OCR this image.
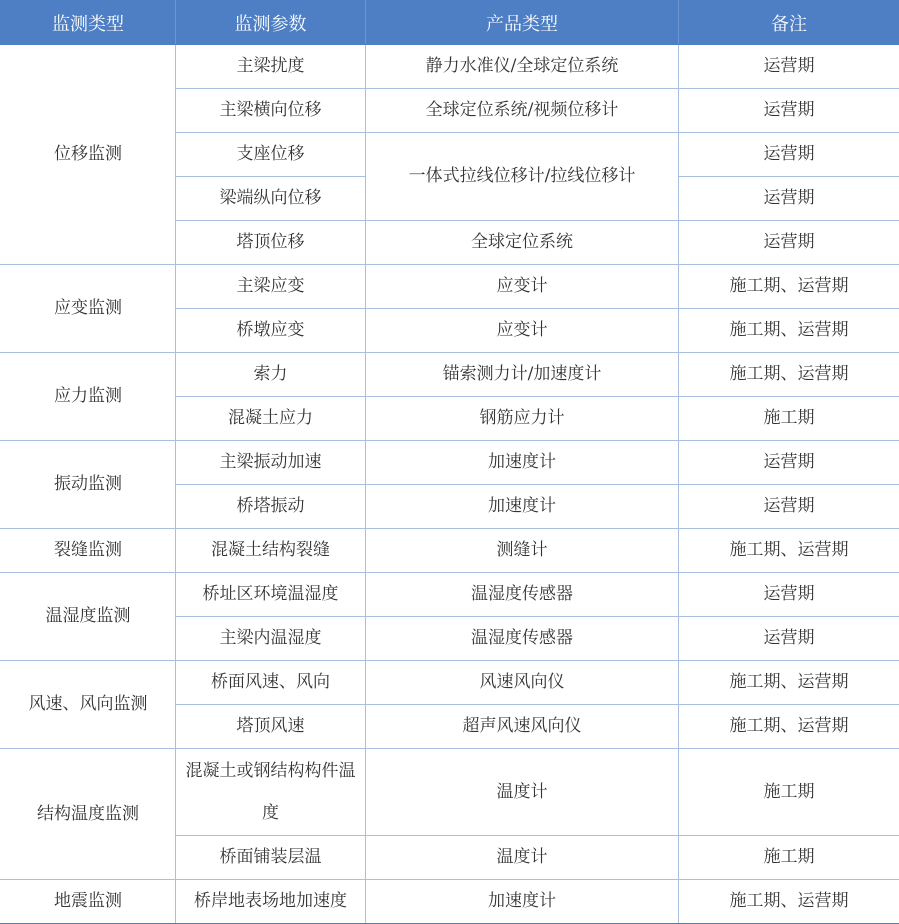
监测类型	监测参数	产品类型	备注
位移监测	主梁扰度	静力水准仪/全球定位系统	运营期
	主梁横向位移	全球定位系统/视频位移计	运营期
	支座位移	一体式拉线位移计/拉线位移计	运营期
	梁端纵向位移		运营期
	塔顶位移	全球定位系统	运营期
应变监测	主梁应变	应变计	施工期、运营期
	桥墩应变	应变计	施工期、运营期
应力监测	索力	锚索测力计/加速度计	施工期、运营期
	混凝土应力	钢筋应力计	施工期
振动监测	主梁振动加速	加速度计	运营期
	桥塔振动	加速度计	运营期
裂缝监测	混凝土结构裂缝	测缝计	施工期、运营期
温湿度监测	桥址区环境温湿度	温湿度传感器	运营期
	主梁内温湿度	温湿度传感器	运营期
风速、风向监测	桥面风速、风向	风速风向仪	施工期、运营期
	塔顶风速	超声风速风向仪	施工期、运营期
结构温度监测	混凝土或钢结构构件温度	温度计	施工期
	桥面铺装层温	温度计	施工期
地震监测	桥岸地表场地加速度	加速度计	施工期、运营期
